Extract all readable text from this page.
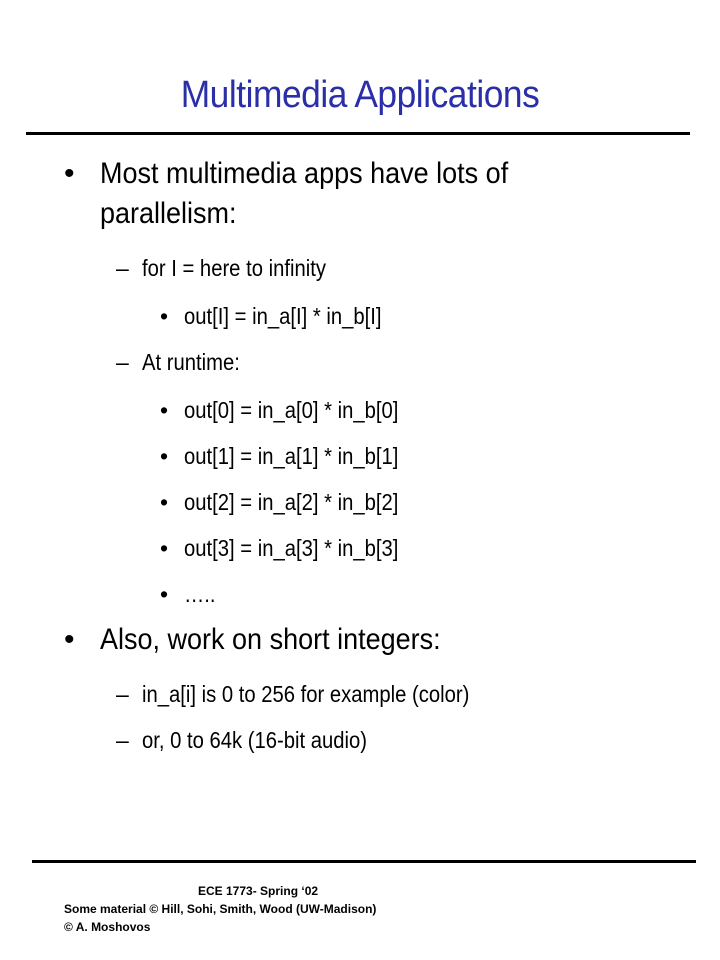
Multimedia Applications
• Most multimedia apps have lots of
parallelism:
– for I = here to infinity
• out[I] = in_a[I] * in_b[I]
– At runtime:
• out[0] = in_a[0] * in_b[0]
• out[1] = in_a[1] * in_b[1]
• out[2] = in_a[2] * in_b[2]
• out[3] = in_a[3] * in_b[3]
• …..
• Also, work on short integers:
– in_a[i] is 0 to 256 for example (color)
– or, 0 to 64k (16-bit audio)
ECE 1773- Spring ‘02
Some material © Hill, Sohi, Smith, Wood (UW-Madison)
© A. Moshovos
